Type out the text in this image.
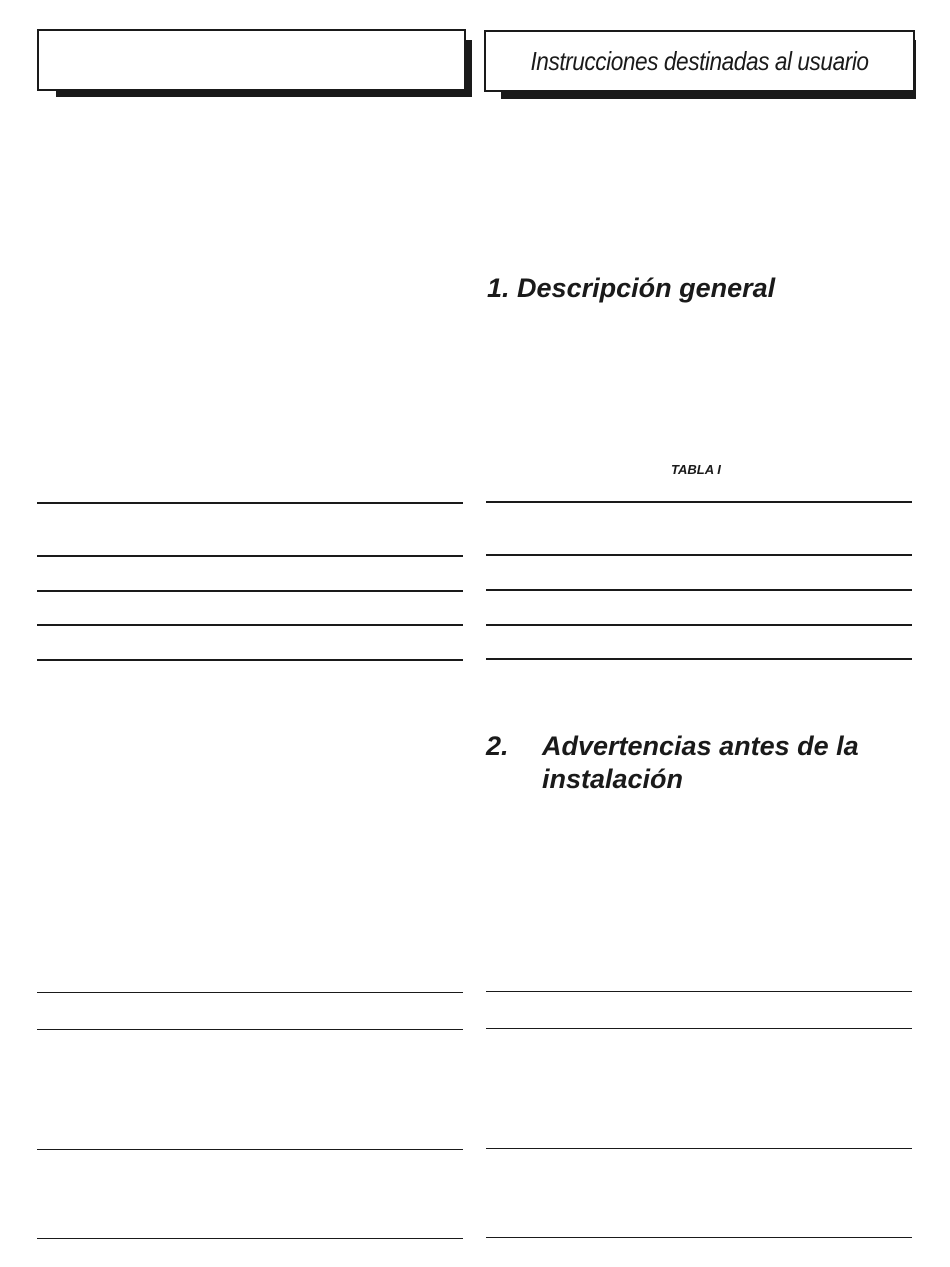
Instrucciones destinadas al usuario
1. Descripción general
TABLA I
2. Advertencias antes de la
instalación
